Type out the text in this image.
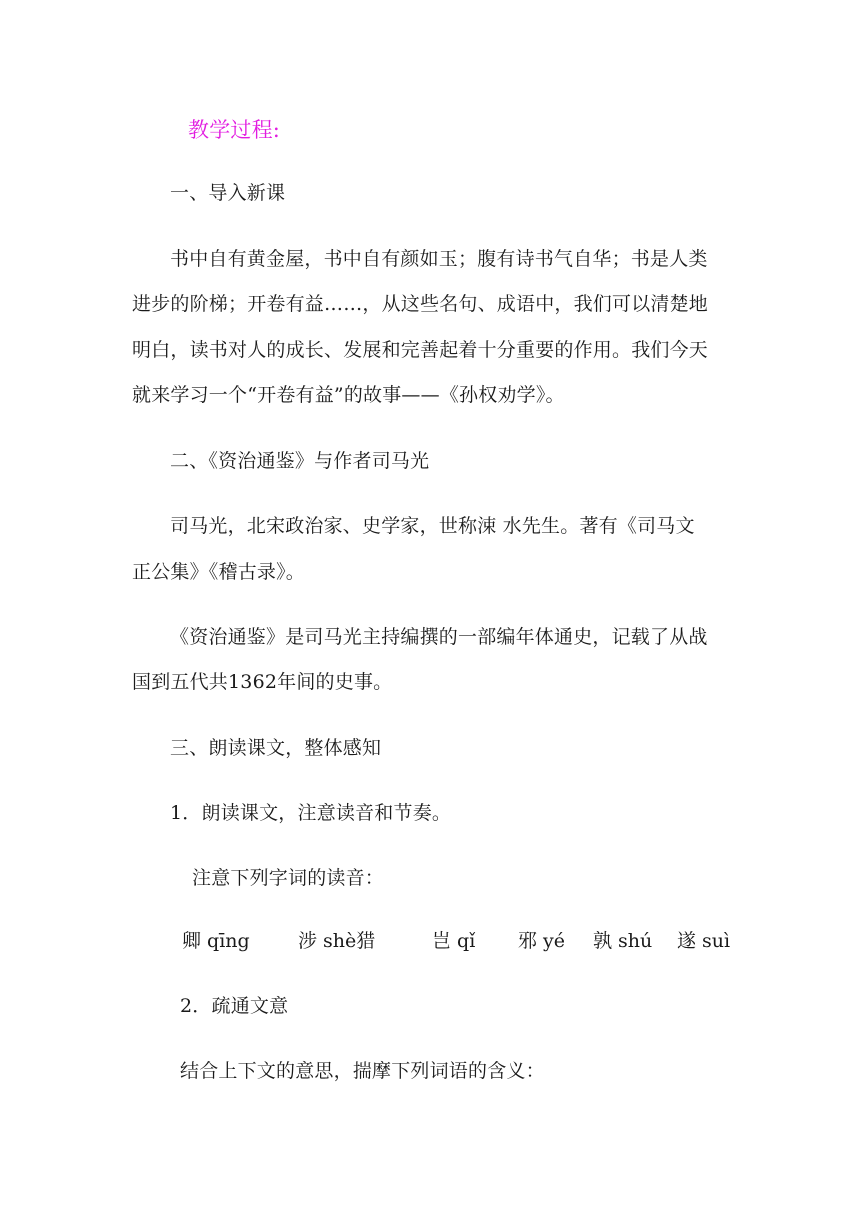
教学过程:
一、导入新课
书中自有黄金屋，书中自有颜如玉；腹有诗书气自华；书是人类
进步的阶梯；开卷有益……，从这些名句、成语中，我们可以清楚地
明白，读书对人的成长、发展和完善起着十分重要的作用。我们今天
就来学习一个“开卷有益”的故事——《孙权劝学》。
二、《资治通鉴》与作者司马光
司马光，北宋政治家、史学家，世称涑 水先生。著有《司马文
正公集》《稽古录》。
《资治通鉴》是司马光主持编撰的一部编年体通史，记载了从战
国到五代共1362年间的史事。
三、朗读课文，整体感知
1．朗读课文，注意读音和节奏。
注意下列字词的读音：
卿 qīng	涉 shè猎	岂 qǐ 邪 yé 孰 shú 遂 suì
2．疏通文意
结合上下文的意思，揣摩下列词语的含义：
